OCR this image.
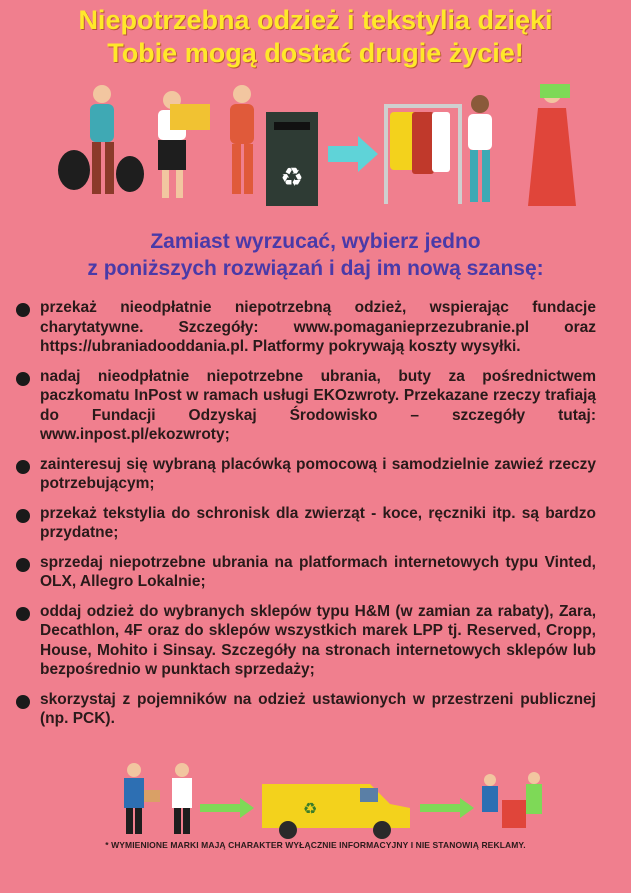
Niepotrzebna odzież i tekstylia dzięki
Tobie mogą dostać drugie życie!
♻
Zamiast wyrzucać, wybierz jedno
z poniższych rozwiązań i daj im nową szansę:
przekaż nieodpłatnie niepotrzebną odzież, wspierając fundacje charytatywne. Szczegóły: www.pomaganieprzezubranie.pl oraz https://ubraniadooddania.pl. Platformy pokrywają koszty wysyłki.
nadaj nieodpłatnie niepotrzebne ubrania, buty za pośrednictwem paczkomatu InPost w ramach usługi EKOzwroty. Przekazane rzeczy trafiają do Fundacji Odzyskaj Środowisko – szczegóły tutaj: www.inpost.pl/ekozwroty;
zainteresuj się wybraną placówką pomocową i samodzielnie zawieź rzeczy potrzebującym;
przekaż tekstylia do schronisk dla zwierząt - koce, ręczniki itp. są bardzo przydatne;
sprzedaj niepotrzebne ubrania na platformach internetowych typu Vinted, OLX, Allegro Lokalnie;
oddaj odzież do wybranych sklepów typu H&M (w zamian za rabaty), Zara, Decathlon, 4F oraz do sklepów wszystkich marek LPP tj. Reserved, Cropp, House, Mohito i Sinsay. Szczegóły na stronach internetowych sklepów lub bezpośrednio w punktach sprzedaży;
skorzystaj z pojemników na odzież ustawionych w przestrzeni publicznej (np. PCK).
♻
* WYMIENIONE MARKI MAJĄ CHARAKTER WYŁĄCZNIE INFORMACYJNY I NIE STANOWIĄ REKLAMY.
